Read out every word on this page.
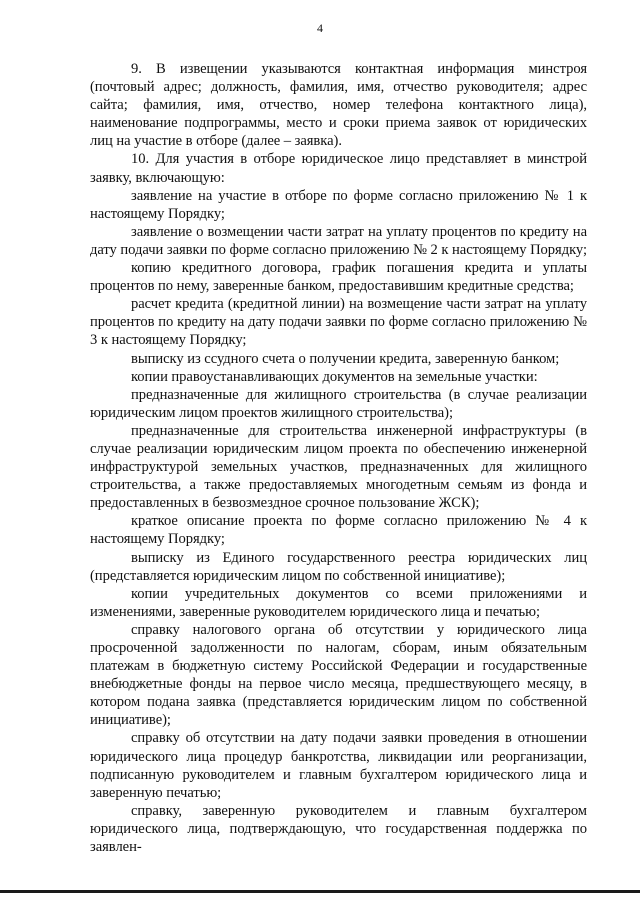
4

9. В извещении указываются контактная информация минстроя (почтовый адрес; должность, фамилия, имя, отчество руководителя; адрес сайта; фамилия, имя, отчество, номер телефона контактного лица), наименование подпрограммы, место и сроки приема заявок от юридических лиц на участие в отборе (далее – заявка).

10. Для участия в отборе юридическое лицо представляет в минстрой заявку, включающую:

заявление на участие в отборе по форме согласно приложению № 1 к настоящему Порядку;

заявление о возмещении части затрат на уплату процентов по кредиту на дату подачи заявки по форме согласно приложению № 2 к настоящему Порядку;

копию кредитного договора, график погашения кредита и уплаты процентов по нему, заверенные банком, предоставившим кредитные средства;

расчет кредита (кредитной линии) на возмещение части затрат на уплату процентов по кредиту на дату подачи заявки по форме согласно приложению № 3 к настоящему Порядку;

выписку из ссудного счета о получении кредита, заверенную банком;

копии правоустанавливающих документов на земельные участки:

предназначенные для жилищного строительства (в случае реализации юридическим лицом проектов жилищного строительства);

предназначенные для строительства инженерной инфраструктуры (в случае реализации юридическим лицом проекта по обеспечению инженерной инфраструктурой земельных участков, предназначенных для жилищного строительства, а также предоставляемых многодетным семьям из фонда и предоставленных в безвозмездное срочное пользование ЖСК);

краткое описание проекта по форме согласно приложению № 4 к настоящему Порядку;

выписку из Единого государственного реестра юридических лиц (представляется юридическим лицом по собственной инициативе);

копии учредительных документов со всеми приложениями и изменениями, заверенные руководителем юридического лица и печатью;

справку налогового органа об отсутствии у юридического лица просроченной задолженности по налогам, сборам, иным обязательным платежам в бюджетную систему Российской Федерации и государственные внебюджетные фонды на первое число месяца, предшествующего месяцу, в котором подана заявка (представляется юридическим лицом по собственной инициативе);

справку об отсутствии на дату подачи заявки проведения в отношении юридического лица процедур банкротства, ликвидации или реорганизации, подписанную руководителем и главным бухгалтером юридического лица и заверенную печатью;

справку, заверенную руководителем и главным бухгалтером юридического лица, подтверждающую, что государственная поддержка по заявлен-
